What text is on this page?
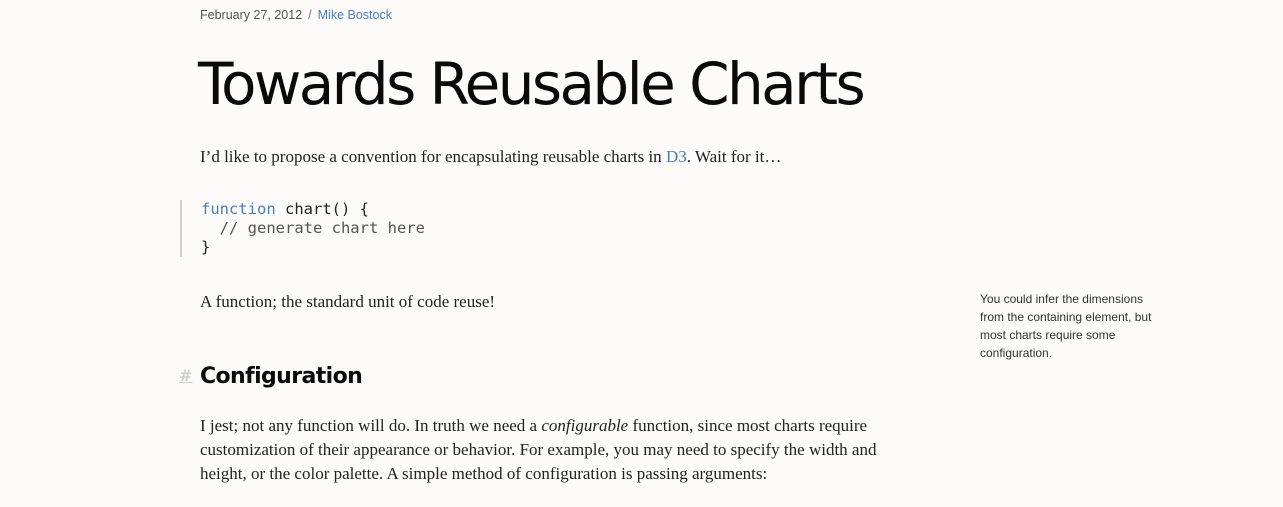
February 27, 2012 / Mike Bostock
Towards Reusable Charts

I’d like to propose a convention for encapsulating reusable charts in D3. Wait for it…

function chart() {
// generate chart here
}

A function; the standard unit of code reuse!	You could infer the dimensions from the containing element, but most charts require some configuration.
# Configuration

I jest; not any function will do. In truth we need a configurable function, since most charts require customization of their appearance or behavior. For example, you may need to specify the width and height, or the color palette. A simple method of configuration is passing arguments:
